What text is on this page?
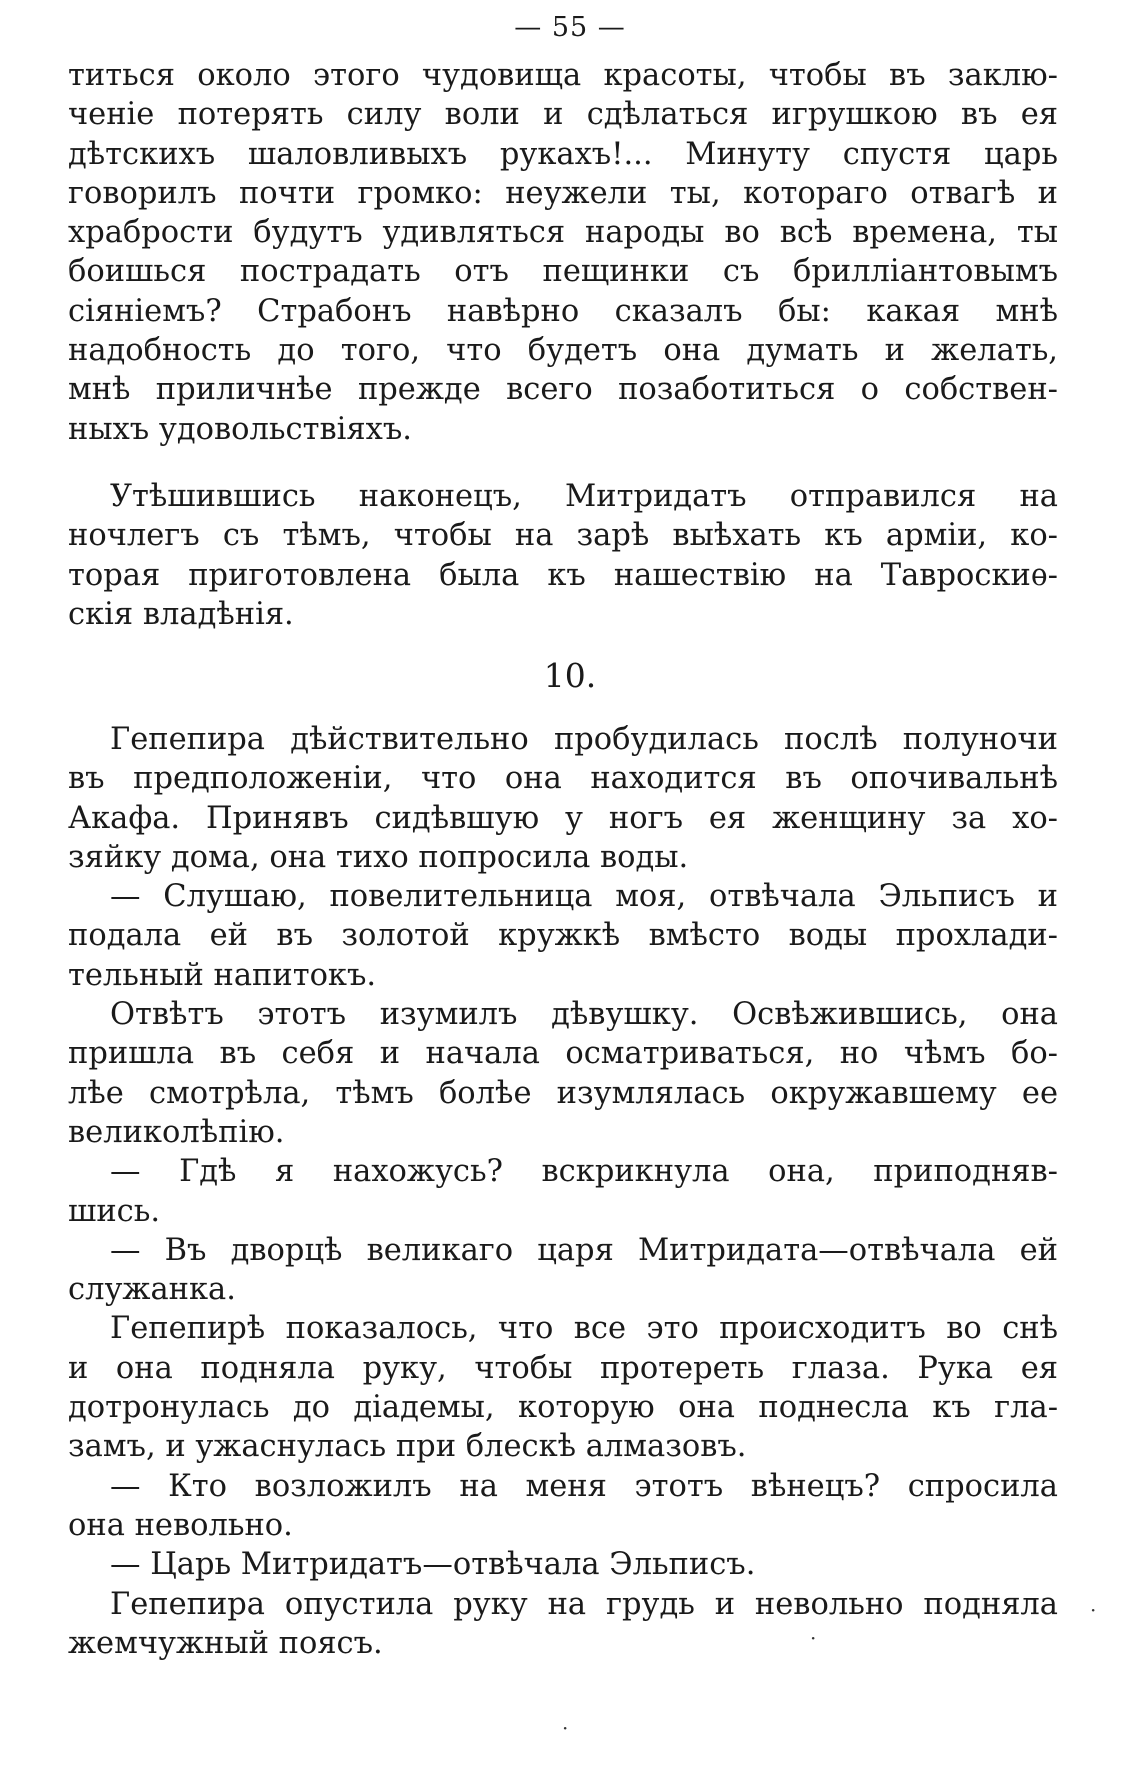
— 55 —
титься около этого чудовища красоты, чтобы въ заклю-
ченіе потерять силу воли и сдѣлаться игрушкою въ ея
дѣтскихъ шаловливыхъ рукахъ!... Минуту спустя царь
говорилъ почти громко: неужели ты, котораго отвагѣ и
храбрости будутъ удивляться народы во всѣ времена, ты
боишься пострадать отъ пещинки съ брилліантовымъ
сіяніемъ? Страбонъ навѣрно сказалъ бы: какая мнѣ
надобность до того, что будетъ она думать и желать,
мнѣ приличнѣе прежде всего позаботиться о собствен-
ныхъ удовольствіяхъ.
Утѣшившись наконецъ, Митридатъ отправился на
ночлегъ съ тѣмъ, чтобы на зарѣ выѣхать къ арміи, ко-
торая приготовлена была къ нашествію на Тавроскиѳ-
скія владѣнія.
10.
Гепепира дѣйствительно пробудилась послѣ полуночи
въ предположеніи, что она находится въ опочивальнѣ
Акафа. Принявъ сидѣвшую у ногъ ея женщину за хо-
зяйку дома, она тихо попросила воды.
— Слушаю, повелительница моя, отвѣчала Эльписъ и
подала ей въ золотой кружкѣ вмѣсто воды прохлади-
тельный напитокъ.
Отвѣтъ этотъ изумилъ дѣвушку. Освѣжившись, она
пришла въ себя и начала осматриваться, но чѣмъ бо-
лѣе смотрѣла, тѣмъ болѣе изумлялась окружавшему ее
великолѣпію.
— Гдѣ я нахожусь? вскрикнула она, приподняв-
шись.
— Въ дворцѣ великаго царя Митридата—отвѣчала ей
служанка.
Гепепирѣ показалось, что все это происходитъ во снѣ
и она подняла руку, чтобы протереть глаза. Рука ея
дотронулась до діадемы, которую она поднесла къ гла-
замъ, и ужаснулась при блескѣ алмазовъ.
— Кто возложилъ на меня этотъ вѣнецъ? спросила
она невольно.
— Царь Митридатъ—отвѣчала Эльписъ.
Гепепира опустила руку на грудь и невольно подняла
жемчужный поясъ.	·
·
·
